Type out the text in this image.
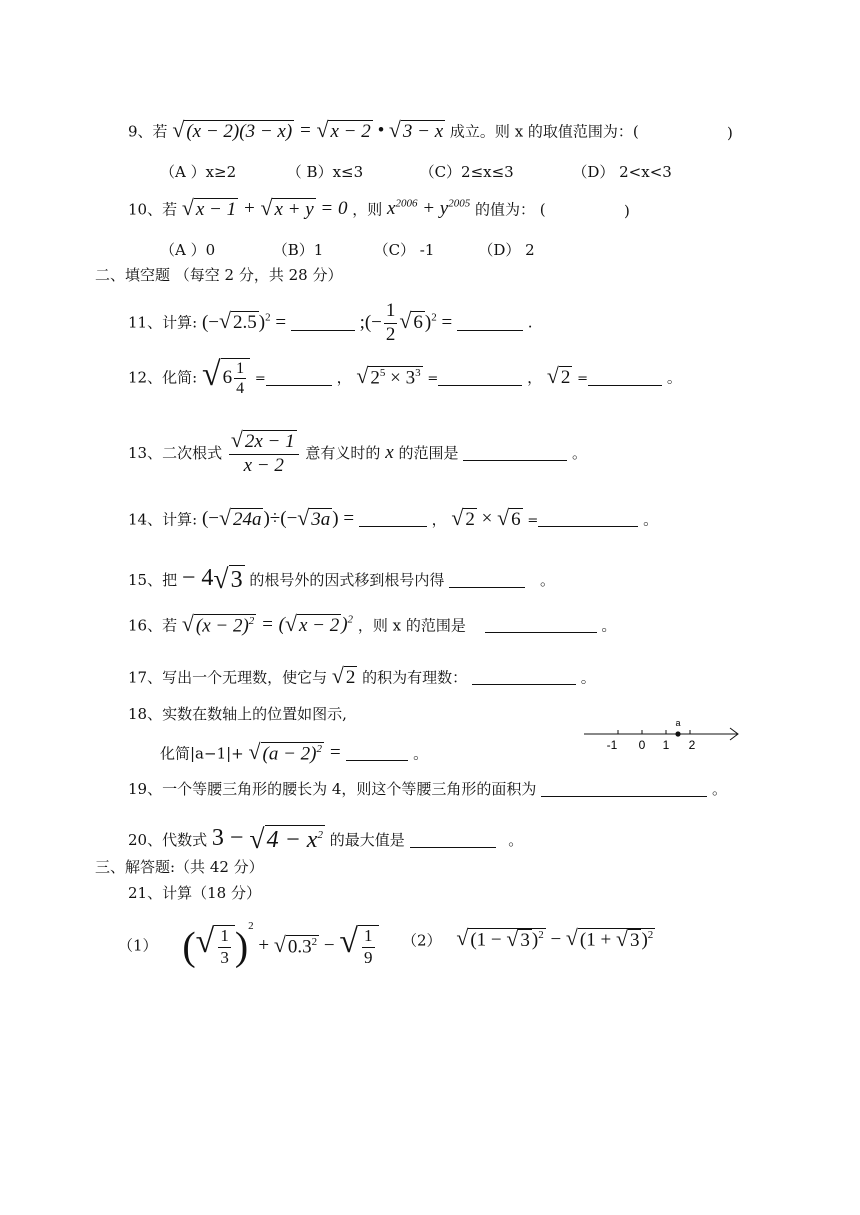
9、若 √ (x − 2)(3 − x) = √ x − 2 • √ 3 − x 成立。则 x 的取值范围为：(	)
（A ）x≥2	（ B）x≤3	（C）2≤x≤3	（D） 2<x<3
10、若 √ x − 1 + √ x + y = 0 ，则 $x^{2006} + y^{2005}$ 的值为： (	)
（A ）0	（B）1	（C） -1	（D） 2
二、填空题 （每空 2 分，共 28 分）
11、计算: (− √ 2.5 )$^2$ =	;(− $\frac{1}{2}$ √ 6 )$^2$ =	.
12、化简: √ $6 \frac{1}{4}$ =	， √ $2^5 \times 3^3$ =	， √ 2 =	。
13、二次根式 $\frac{√ 2x - 1}{x - 2}$ 意有义时的 x 的范围是	。
14、计算: (− √ 24a )÷(− √ 3a ) =	， √ 2 × √ 6 =	。
15、把 − 4 √ 3 的根号外的因式移到根号内得	。
16、若 √ $(x - 2)^2$ = ( √ x − 2 )$^2$ ，则 x 的范围是	。
17、写出一个无理数，使它与 √ 2 的积为有理数：	。
18、实数在数轴上的位置如图示,
化简|a−1|+ √ $(a - 2)^2$ =	。
a
-1 0 1 2
19、一个等腰三角形的腰长为 4，则这个等腰三角形的面积为	。
20、代数式 3 − √ $4 - x^2$ 的最大值是	。
三、解答题:（共 42 分）
21、计算（18 分）
（1） ( √ $\frac{1}{3} )^2$ + √ $0.3^2$ − √ $\frac{1}{9} (2)$ √ (1 − √ 3 )$^2$ − √ (1 + √ 3 )$^2$
